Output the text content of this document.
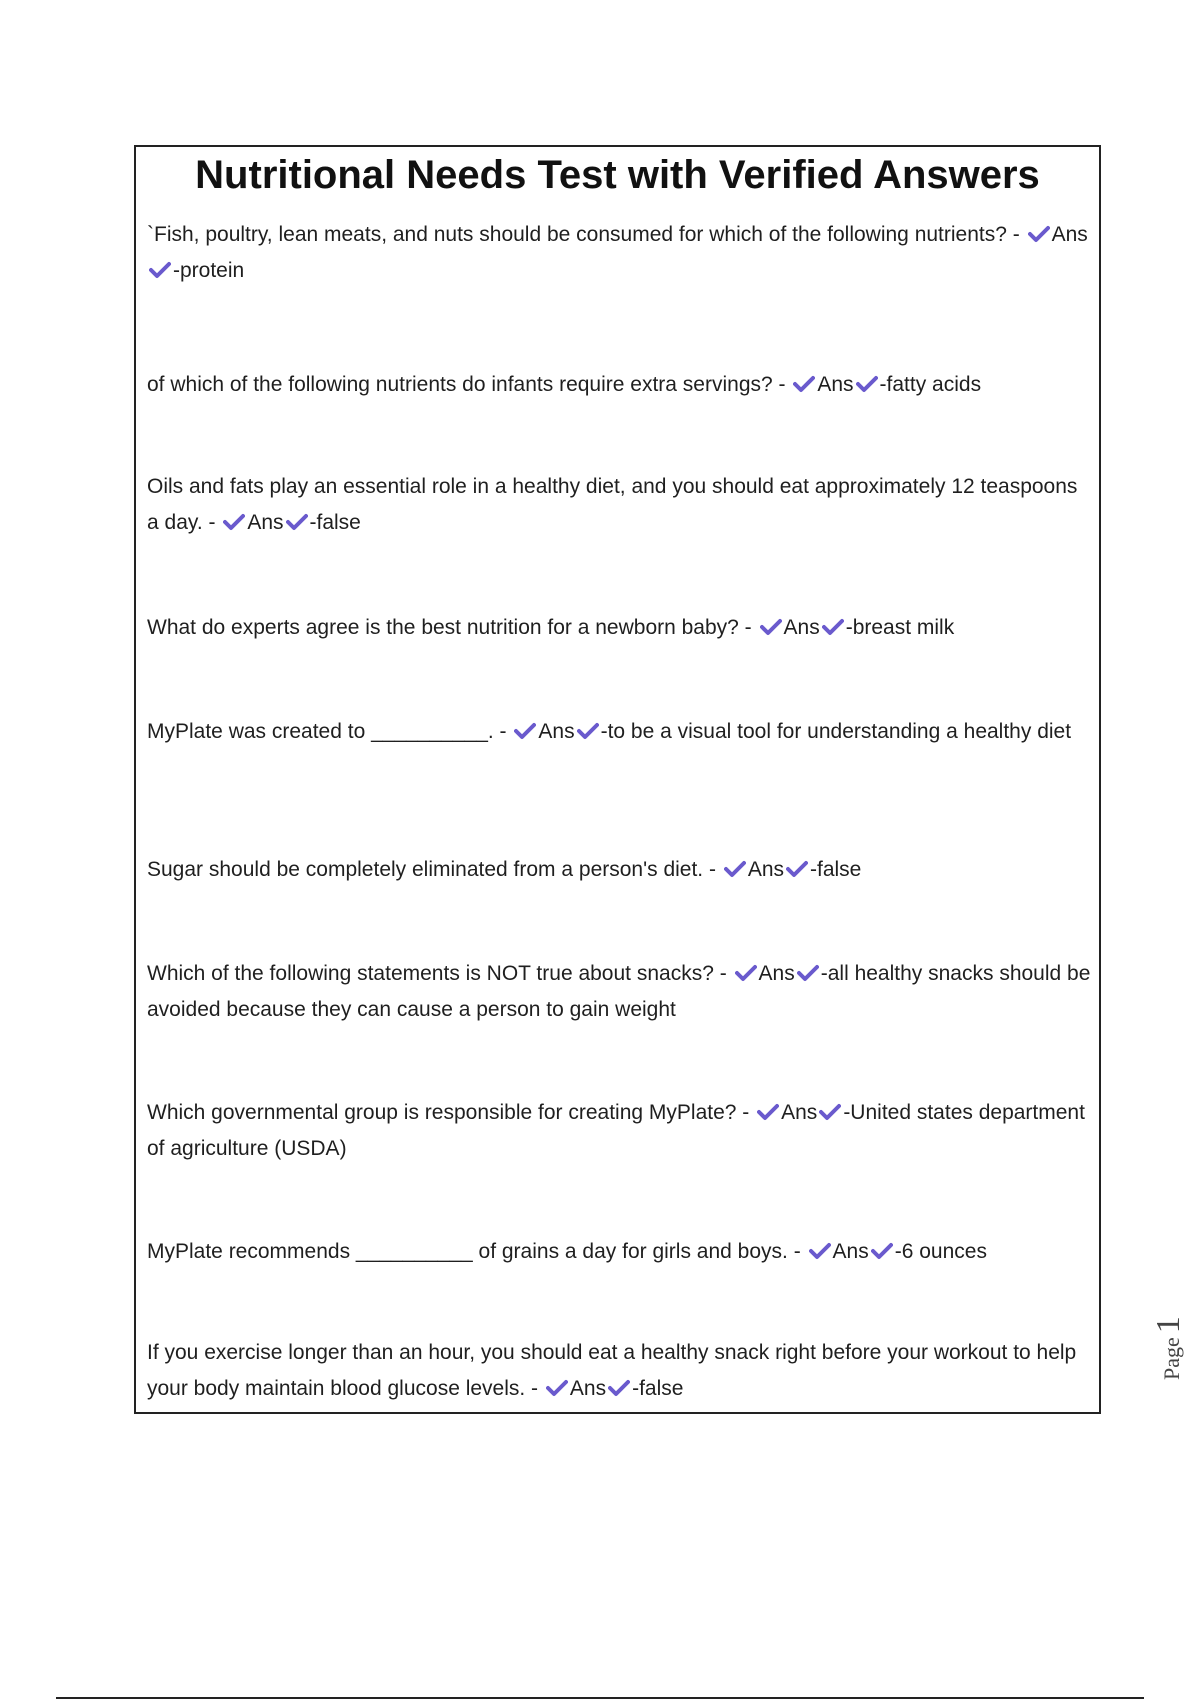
Nutritional Needs Test with Verified Answers

`Fish, poultry, lean meats, and nuts should be consumed for which of the following nutrients? -
Ans
-protein

of which of the following nutrients do infants require extra servings? -
Ans -fatty acids

Oils and fats play an essential role in a healthy diet, and you should eat approximately 12 teaspoons a day. -
Ans -false

What do experts agree is the best nutrition for a newborn baby? -
Ans -breast milk

MyPlate was created to __________. -
Ans -to be a visual tool for understanding a healthy diet

Sugar should be completely eliminated from a person's diet. -
Ans -false

Which of the following statements is NOT true about snacks? -
Ans -all healthy snacks should be avoided because they can cause a person to gain weight

Which governmental group is responsible for creating MyPlate? -
Ans -United states department of agriculture (USDA)

MyPlate recommends __________ of grains a day for girls and boys. -
Ans -6 ounces

If you exercise longer than an hour, you should eat a healthy snack right before your workout to help your body maintain blood glucose levels. -
Ans -false

Page1
